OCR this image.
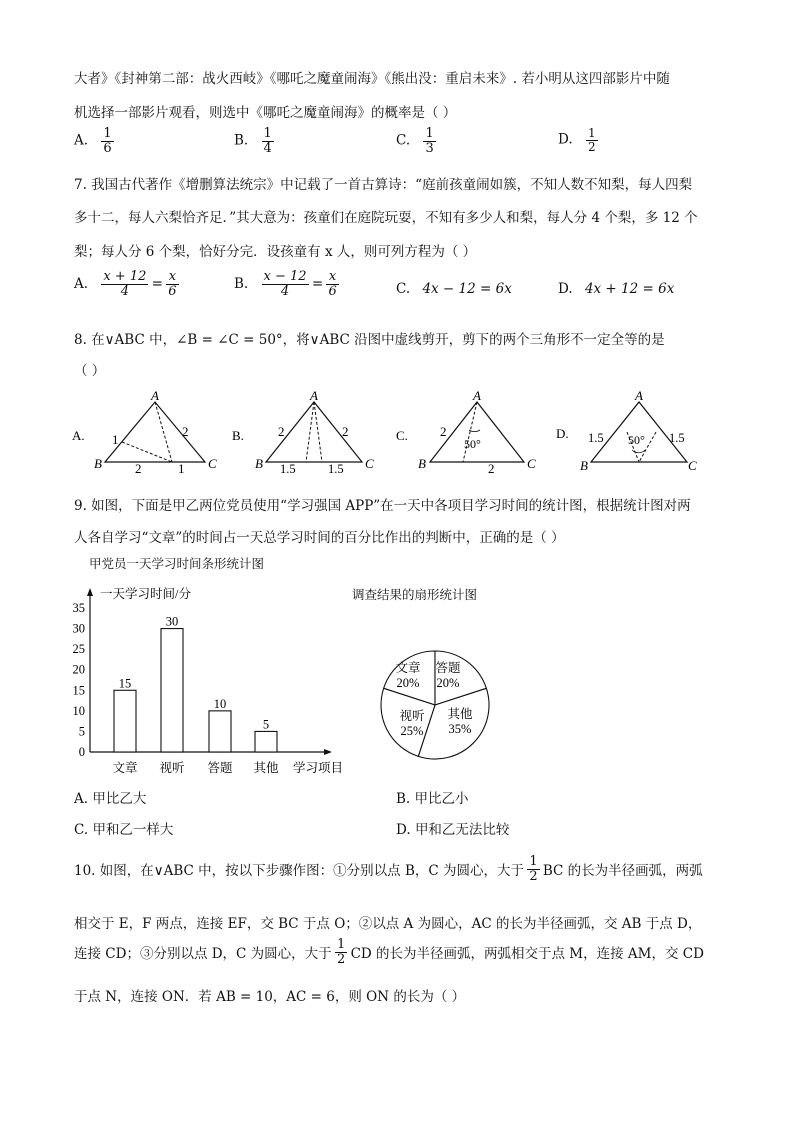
大者》《封神第二部：战火西岐》《哪吒之魔童闹海》《熊出没：重启未来》. 若小明从这四部影片中随
机选择一部影片观看，则选中《哪吒之魔童闹海》的概率是（ ）
A. $\frac{1}{6}$	B. $\frac{1}{4}$	C. $\frac{1}{3}$	D. $\frac{1}{2}$
7. 我国古代著作《增删算法统宗》中记载了一首古算诗：“庭前孩童闹如簇，不知人数不知梨，每人四梨
多十二，每人六梨恰齐足．”其大意为：孩童们在庭院玩耍，不知有多少人和梨，每人分 4 个梨，多 12 个
梨；每人分 6 个梨，恰好分完．设孩童有 x 人，则可列方程为（ ）
A. $\frac{x + 12}{4} = \frac{x}{6}$	B. $\frac{x - 12}{4} = \frac{x}{6}$	C. 4x − 12 = 6x	D. 4x + 12 = 6x
8. 在∨ABC 中，∠B = ∠C = 50°，将∨ABC 沿图中虚线剪开，剪下的两个三角形不一定全等的是
（ ）
A.
A
B	C
1
2
2	1
B.
A
B	C
2	2
1.5	1.5
C.
A
B	C
2
50°
2
D.
A
B	C
1.5	1.5
50°
9. 如图，下面是甲乙两位党员使用“学习强国 APP”在一天中各项目学习时间的统计图，根据统计图对两
人各自学习“文章”的时间占一天总学习时间的百分比作出的判断中，正确的是（ ）
甲党员一天学习时间条形统计图
一天学习时间/分
0
5
10
15
20
25
30
35
15
文章
30
视听
10
答题
5
其他 学习项目
调查结果的扇形统计图
文章
20%
答题
20%
其他
35%
视听
25%
A. 甲比乙大	B. 甲比乙小
C. 甲和乙一样大	D. 甲和乙无法比较
10. 如图，在∨ABC 中，按以下步骤作图：①分别以点 B，C 为圆心，大于 $\frac{1}{2}$ BC 的长为半径画弧，两弧
相交于 E，F 两点，连接 EF，交 BC 于点 O；②以点 A 为圆心，AC 的长为半径画弧，交 AB 于点 D，
连接 CD；③分别以点 D，C 为圆心，大于 $\frac{1}{2}$ CD 的长为半径画弧，两弧相交于点 M，连接 AM，交 CD
于点 N，连接 ON．若 AB = 10，AC = 6，则 ON 的长为（ ）
